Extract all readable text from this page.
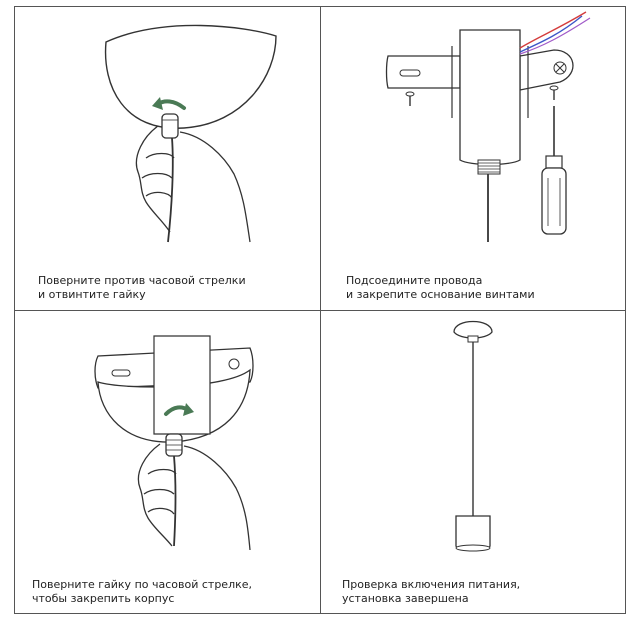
Поверните против часовой стрелки
и отвинтите гайку
Подсоедините провода
и закрепите основание винтами
Поверните гайку по часовой стрелке,
чтобы закрепить корпус
Проверка включения питания,
установка завершена
